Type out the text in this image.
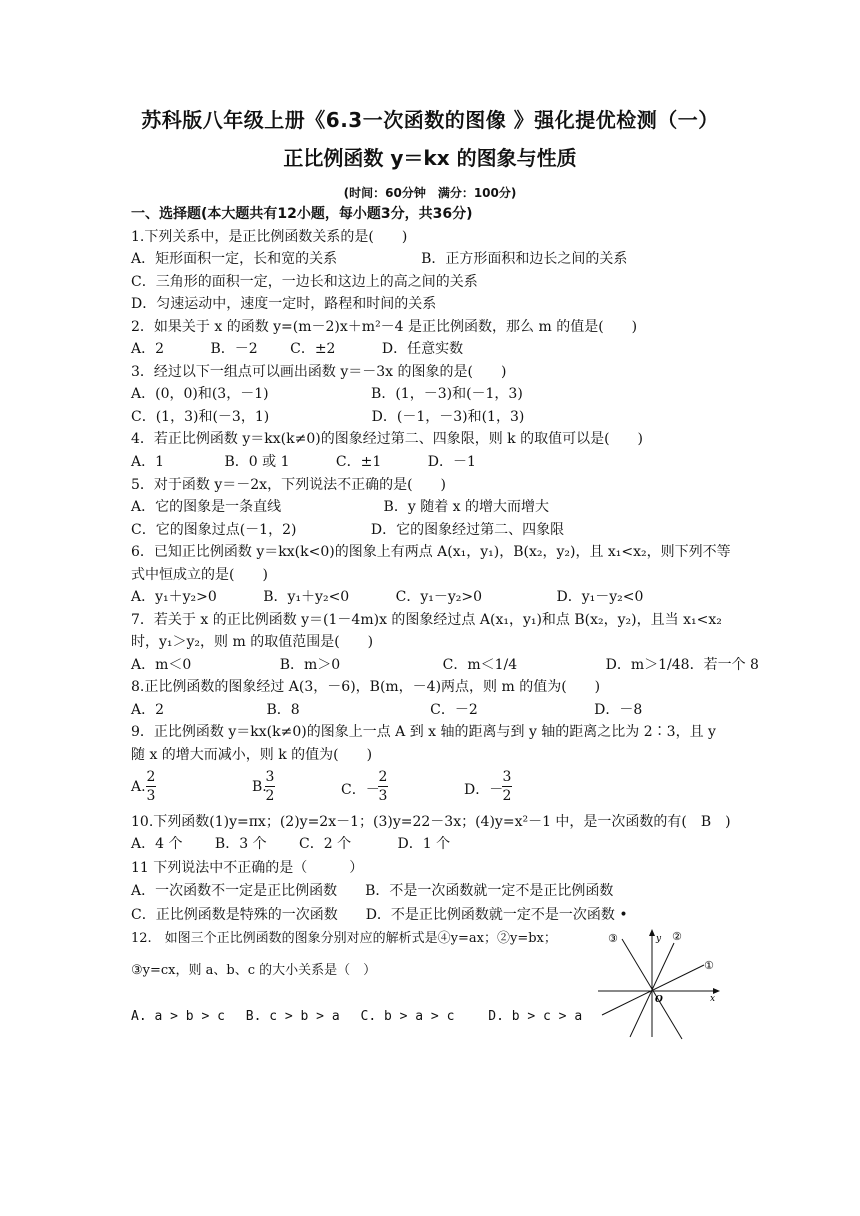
苏科版八年级上册《6.3一次函数的图像 》强化提优检测（一）
正比例函数 y＝kx 的图象与性质
(时间：60分钟　满分：100分)
一、选择题(本大题共有12小题，每小题3分，共36分)
1.下列关系中，是正比例函数关系的是(　　)
A．矩形面积一定，长和宽的关系　　　　　　B．正方形面积和边长之间的关系
C．三角形的面积一定，一边长和这边上的高之间的关系
D．匀速运动中，速度一定时，路程和时间的关系
2．如果关于 x 的函数 y=(m－2)x＋m²－4 是正比例函数，那么 m 的值是(　　)
A．2　　　 B．－2　　 C．±2　　　 D．任意实数
3．经过以下一组点可以画出函数 y＝－3x 的图象的是(　　)
A．(0，0)和(3，－1)　　　　　　　 B．(1，－3)和(－1，3)
C．(1，3)和(－3，1)　　　　　　　 D．(－1，－3)和(1，3)
4．若正比例函数 y＝kx(k≠0)的图象经过第二、四象限，则 k 的取值可以是(　　)
A．1　　　　 B．0 或 1　　　 C．±1　　　 D．－1
5．对于函数 y＝－2x，下列说法不正确的是(　　)
A．它的图象是一条直线　　　　　　　 B．y 随着 x 的增大而增大
C．它的图象过点(－1，2)　　　　　 D．它的图象经过第二、四象限
6．已知正比例函数 y＝kx(k<0)的图象上有两点 A(x₁，y₁)，B(x₂，y₂)，且 x₁<x₂，则下列不等
式中恒成立的是(　　)
A．y₁＋y₂>0　　　 B．y₁＋y₂<0　　　 C．y₁－y₂>0　　　　　 D．y₁－y₂<0
7．若关于 x 的正比例函数 y＝(1－4m)x 的图象经过点 A(x₁，y₁)和点 B(x₂，y₂)，且当 x₁<x₂
时，y₁＞y₂，则 m 的取值范围是(　　)
A．m＜0　　　　　　 B．m＞0　　　　　　　 C．m＜1/4　　　　　　 D．m＞1/48．若一个 8
8.正比例函数的图象经过 A(3，－6)，B(m，－4)两点，则 m 的值为(　　)
A．2　　　　　　　 B．8　　　　　　　　　 C．－2　　　　　　　　 D．－8
9．正比例函数 y＝kx(k≠0)的图象上一点 A 到 x 轴的距离与到 y 轴的距离之比为 2∶3，且 y
随 x 的增大而减小，则 k 的值为(　　)
A.
2
3
B.
3
2	C．－
2
3	D．－
3
2
10.下列函数(1)y=πx；(2)y=2x－1；(3)y=22－3x；(4)y=x²－1 中，是一次函数的有(　B　)
A．4 个　　 B．3 个　　 C．2 个　　　 D．1 个
11 下列说法中不正确的是（　　　）
A．一次函数不一定是正比例函数　　B．不是一次函数就一定不是正比例函数
C．正比例函数是特殊的一次函数　　D．不是正比例函数就一定不是一次函数 •
12.　如图三个正比例函数的图象分别对应的解析式是④y=ax；②y=bx；
③y=cx，则 a、b、c 的大小关系是（　）
A. a > b > c　 B. c > b > a　 C. b > a > c　　 D. b > c > a
③	②
①
y
x
O
